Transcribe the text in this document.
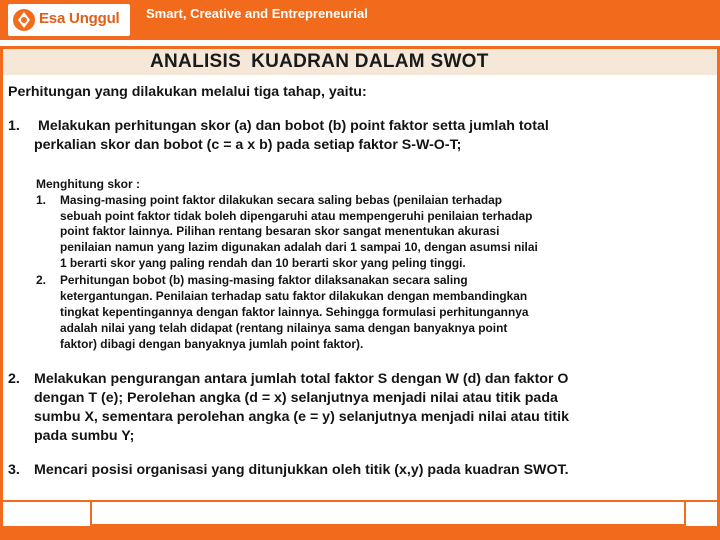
Esa Unggul Smart, Creative and Entrepreneurial
ANALISIS KUADRAN DALAM SWOT
Perhitungan yang dilakukan melalui tiga tahap, yaitu:
1. Melakukan perhitungan skor (a) dan bobot (b) point faktor setta jumlah total
perkalian skor dan bobot (c = a x b) pada setiap faktor S-W-O-T;
Menghitung skor :
1. Masing-masing point faktor dilakukan secara saling bebas (penilaian terhadap
sebuah point faktor tidak boleh dipengaruhi atau mempengeruhi penilaian terhadap
point faktor lainnya. Pilihan rentang besaran skor sangat menentukan akurasi
penilaian namun yang lazim digunakan adalah dari 1 sampai 10, dengan asumsi nilai
1 berarti skor yang paling rendah dan 10 berarti skor yang peling tinggi.
2. Perhitungan bobot (b) masing-masing faktor dilaksanakan secara saling
ketergantungan. Penilaian terhadap satu faktor dilakukan dengan membandingkan
tingkat kepentingannya dengan faktor lainnya. Sehingga formulasi perhitungannya
adalah nilai yang telah didapat (rentang nilainya sama dengan banyaknya point
faktor) dibagi dengan banyaknya jumlah point faktor).
2. Melakukan pengurangan antara jumlah total faktor S dengan W (d) dan faktor O
dengan T (e); Perolehan angka (d = x) selanjutnya menjadi nilai atau titik pada
sumbu X, sementara perolehan angka (e = y) selanjutnya menjadi nilai atau titik
pada sumbu Y;
3. Mencari posisi organisasi yang ditunjukkan oleh titik (x,y) pada kuadran SWOT.
